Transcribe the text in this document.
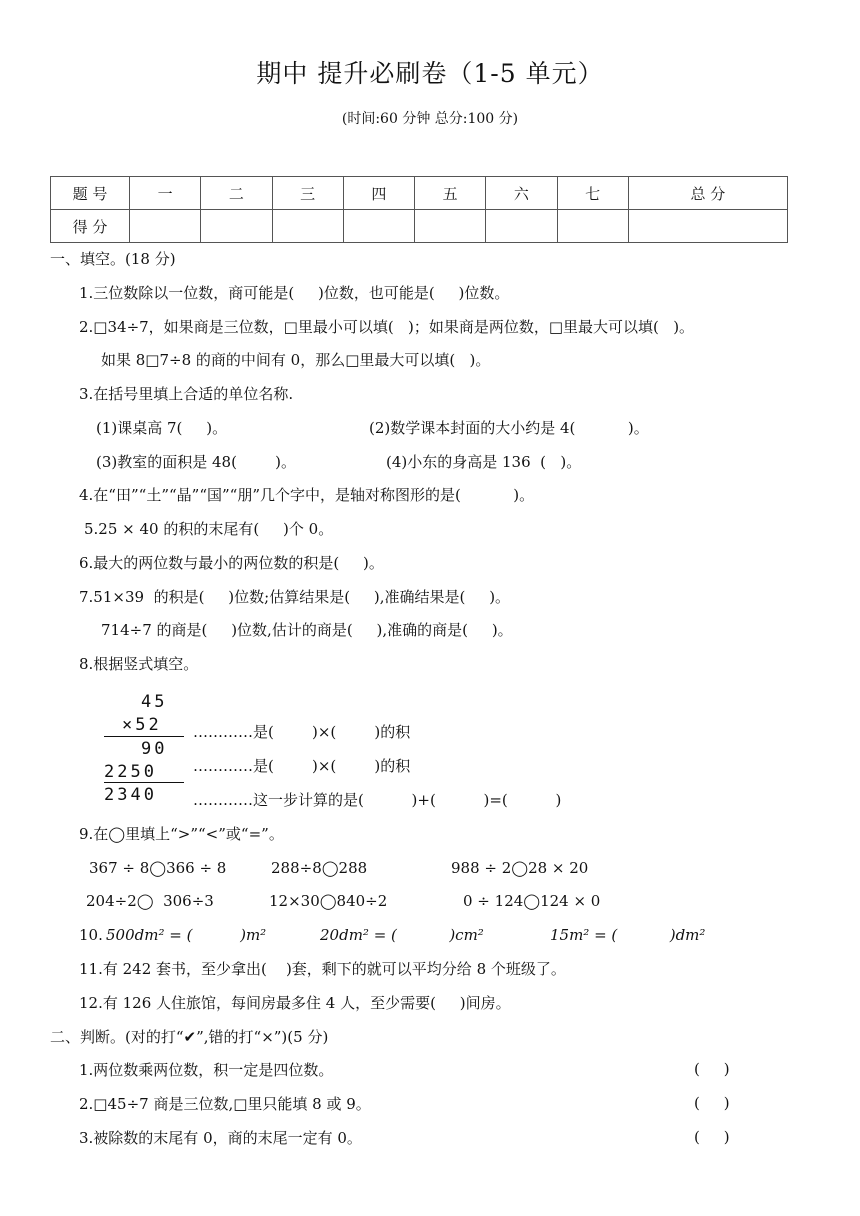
期中 提升必刷卷（1-5 单元）
(时间:60 分钟 总分:100 分)
题 号	一	二	三	四	五	六	七	总 分
得 分								
一、填空。(18 分)
1.三位数除以一位数，商可能是(     )位数，也可能是(     )位数。
2.□34÷7，如果商是三位数，□里最小可以填(   )；如果商是两位数，□里最大可以填(   )。
如果 8□7÷8 的商的中间有 0，那么□里最大可以填(   )。
3.在括号里填上合适的单位名称.
(1)课桌高 7(     )。	(2)数学课本封面的大小约是 4(           )。
(3)教室的面积是 48(        )。	(4)小东的身高是 136  (   )。
4.在“田”“土”“晶”“国”“朋”几个字中，是轴对称图形的是(           )。
5.25 × 40 的积的末尾有(     )个 0。
6.最大的两位数与最小的两位数的积是(     )。
7.51×39  的积是(     )位数;估算结果是(     ),准确结果是(     )。
714÷7 的商是(     )位数,估计的商是(     ),准确的商是(     )。
8.根据竖式填空。
45
×52
90
2250
2340
…………是(        )×(        )的积
…………是(        )×(        )的积
…………这一步计算的是(          )+(          )=(          )
9.在◯里填上“>”“<”或“=”。
367 ÷ 8◯366 ÷ 8	288÷8◯288	988 ÷ 2◯28 × 20
204÷2◯  306÷3	12×30◯840÷2	0 ÷ 124◯124 × 0
10. 500dm² = (          )m²	20dm² = (           )cm²	15m² = (           )dm²
11.有 242 套书，至少拿出(    )套，剩下的就可以平均分给 8 个班级了。
12.有 126 人住旅馆，每间房最多住 4 人，至少需要(     )间房。
二、判断。(对的打“✔”,错的打“×”)(5 分)
1.两位数乘两位数，积一定是四位数。	(     )
2.□45÷7 商是三位数,□里只能填 8 或 9。	(     )
3.被除数的末尾有 0，商的末尾一定有 0。	(     )
